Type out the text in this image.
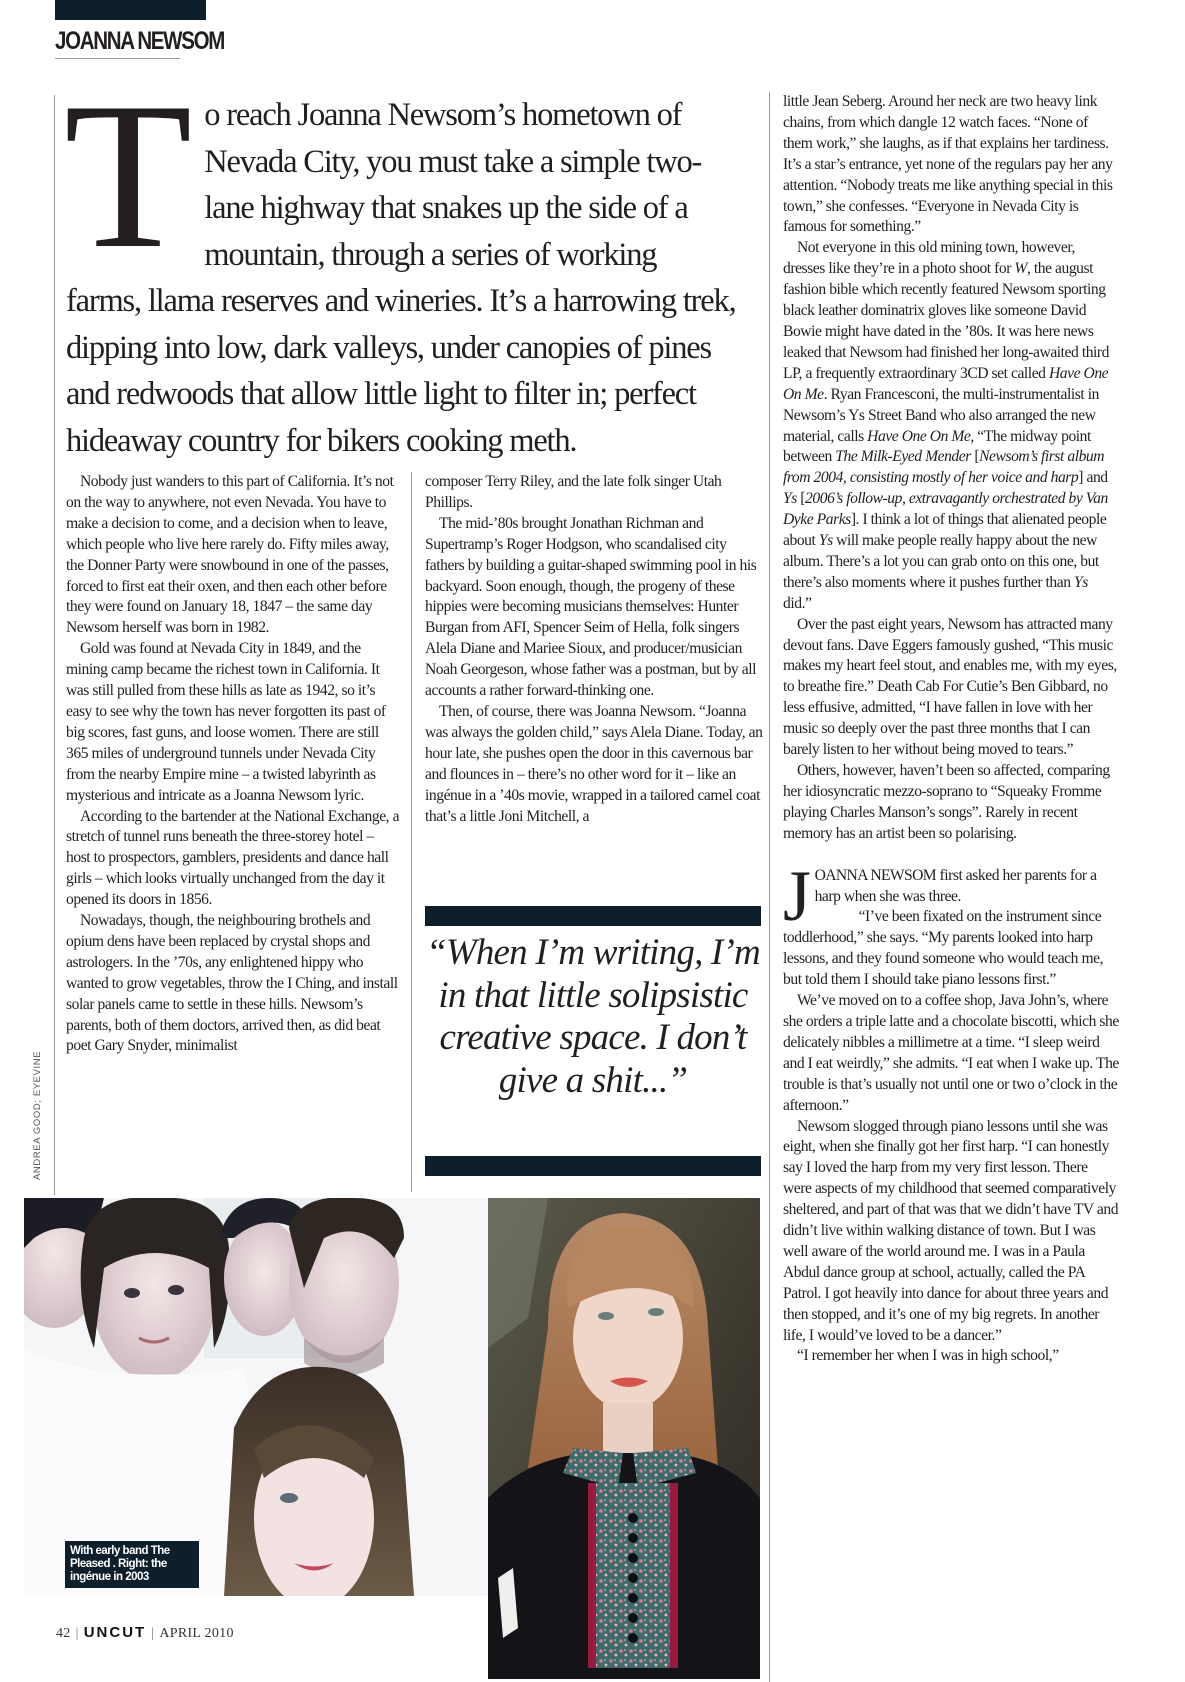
JOANNA NEWSOM
T o reach Joanna Newsom’s hometown of Nevada City, you must take a simple two-lane highway that snakes up the side of a mountain, through a series of working farms, llama reserves and wineries. It’s a harrowing trek, dipping into low, dark valleys, under canopies of pines and redwoods that allow little light to filter in; perfect hideaway country for bikers cooking meth.

Nobody just wanders to this part of California. It’s not on the way to anywhere, not even Nevada. You have to make a decision to come, and a decision when to leave, which people who live here rarely do. Fifty miles away, the Donner Party were snowbound in one of the passes, forced to first eat their oxen, and then each other before they were found on January 18, 1847 – the same day Newsom herself was born in 1982.

Gold was found at Nevada City in 1849, and the mining camp became the richest town in California. It was still pulled from these hills as late as 1942, so it’s easy to see why the town has never forgotten its past of big scores, fast guns, and loose women. There are still 365 miles of underground tunnels under Nevada City from the nearby Empire mine – a twisted labyrinth as mysterious and intricate as a Joanna Newsom lyric.

According to the bartender at the National Exchange, a stretch of tunnel runs beneath the three-storey hotel – host to prospectors, gamblers, presidents and dance hall girls – which looks virtually unchanged from the day it opened its doors in 1856.

Nowadays, though, the neighbouring brothels and opium dens have been replaced by crystal shops and astrologers. In the ’70s, any enlightened hippy who wanted to grow vegetables, throw the I Ching, and install solar panels came to settle in these hills. Newsom’s parents, both of them doctors, arrived then, as did beat poet Gary Snyder, minimalist

composer Terry Riley, and the late folk singer Utah Phillips.

The mid-’80s brought Jonathan Richman and Supertramp’s Roger Hodgson, who scandalised city fathers by building a guitar-shaped swimming pool in his backyard. Soon enough, though, the progeny of these hippies were becoming musicians themselves: Hunter Burgan from AFI, Spencer Seim of Hella, folk singers Alela Diane and Mariee Sioux, and producer/musician Noah Georgeson, whose father was a postman, but by all accounts a rather forward-thinking one.

Then, of course, there was Joanna Newsom. “Joanna was always the golden child,” says Alela Diane. Today, an hour late, she pushes open the door in this cavernous bar and flounces in – there’s no other word for it – like an ingénue in a ’40s movie, wrapped in a tailored camel coat that’s a little Joni Mitchell, a

“When I’m writing, I’m in that little solipsistic creative space. I don’t give a shit...”

little Jean Seberg. Around her neck are two heavy link chains, from which dangle 12 watch faces. “None of them work,” she laughs, as if that explains her tardiness. It’s a star’s entrance, yet none of the regulars pay her any attention. “Nobody treats me like anything special in this town,” she confesses. “Everyone in Nevada City is famous for something.”

Not everyone in this old mining town, however, dresses like they’re in a photo shoot for W, the august fashion bible which recently featured Newsom sporting black leather dominatrix gloves like someone David Bowie might have dated in the ’80s. It was here news leaked that Newsom had finished her long-awaited third LP, a frequently extraordinary 3CD set called Have One On Me. Ryan Francesconi, the multi-instrumentalist in Newsom’s Ys Street Band who also arranged the new material, calls Have One On Me, “The midway point between The Milk-Eyed Mender [Newsom’s first album from 2004, consisting mostly of her voice and harp] and Ys [2006’s follow-up, extravagantly orchestrated by Van Dyke Parks]. I think a lot of things that alienated people about Ys will make people really happy about the new album. There’s a lot you can grab onto on this one, but there’s also moments where it pushes further than Ys did.”

Over the past eight years, Newsom has attracted many devout fans. Dave Eggers famously gushed, “This music makes my heart feel stout, and enables me, with my eyes, to breathe fire.” Death Cab For Cutie’s Ben Gibbard, no less effusive, admitted, “I have fallen in love with her music so deeply over the past three months that I can barely listen to her without being moved to tears.”

Others, however, haven’t been so affected, comparing her idiosyncratic mezzo-soprano to “Squeaky Fromme playing Charles Manson’s songs”. Rarely in recent memory has an artist been so polarising.

JOANNA NEWSOM first asked her parents for a harp when she was three.

“I’ve been fixated on the instrument since toddlerhood,” she says. “My parents looked into harp lessons, and they found someone who would teach me, but told them I should take piano lessons first.”

We’ve moved on to a coffee shop, Java John’s, where she orders a triple latte and a chocolate biscotti, which she delicately nibbles a millimetre at a time. “I sleep weird and I eat weirdly,” she admits. “I eat when I wake up. The trouble is that’s usually not until one or two o’clock in the afternoon.”

Newsom slogged through piano lessons until she was eight, when she finally got her first harp. “I can honestly say I loved the harp from my very first lesson. There were aspects of my childhood that seemed comparatively sheltered, and part of that was that we didn’t have TV and didn’t live within walking distance of town. But I was well aware of the world around me. I was in a Paula Abdul dance group at school, actually, called the PA Patrol. I got heavily into dance for about three years and then stopped, and it’s one of my big regrets. In another life, I would’ve loved to be a dancer.”

“I remember her when I was in high school,”

ANDREA GOOD; EYEVINE
With early band The Pleased . Right: the ingénue in 2003
42 | UNCUT | APRIL 2010
